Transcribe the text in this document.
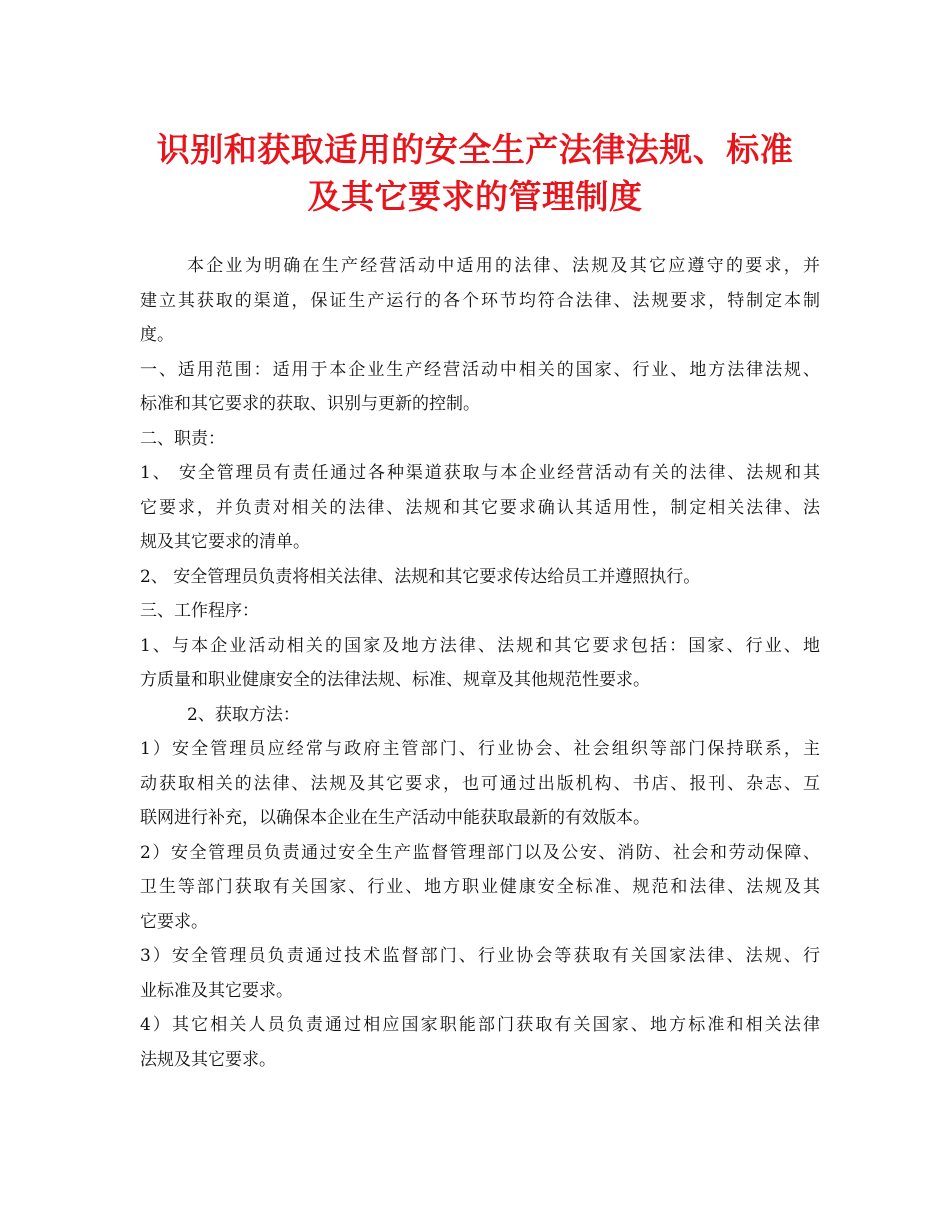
识别和获取适用的安全生产法律法规、标准
及其它要求的管理制度
本企业为明确在生产经营活动中适用的法律、法规及其它应遵守的要求，并
建立其获取的渠道，保证生产运行的各个环节均符合法律、法规要求，特制定本制
度。
一、适用范围：适用于本企业生产经营活动中相关的国家、行业、地方法律法规、
标准和其它要求的获取、识别与更新的控制。
二、职责：
1、 安全管理员有责任通过各种渠道获取与本企业经营活动有关的法律、法规和其
它要求，并负责对相关的法律、法规和其它要求确认其适用性，制定相关法律、法
规及其它要求的清单。
2、 安全管理员负责将相关法律、法规和其它要求传达给员工并遵照执行。
三、工作程序：
1、与本企业活动相关的国家及地方法律、法规和其它要求包括：国家、行业、地
方质量和职业健康安全的法律法规、标准、规章及其他规范性要求。
2、获取方法：
1）安全管理员应经常与政府主管部门、行业协会、社会组织等部门保持联系，主
动获取相关的法律、法规及其它要求，也可通过出版机构、书店、报刊、杂志、互
联网进行补充，以确保本企业在生产活动中能获取最新的有效版本。
2）安全管理员负责通过安全生产监督管理部门以及公安、消防、社会和劳动保障、
卫生等部门获取有关国家、行业、地方职业健康安全标准、规范和法律、法规及其
它要求。
3）安全管理员负责通过技术监督部门、行业协会等获取有关国家法律、法规、行
业标准及其它要求。
4）其它相关人员负责通过相应国家职能部门获取有关国家、地方标准和相关法律
法规及其它要求。
